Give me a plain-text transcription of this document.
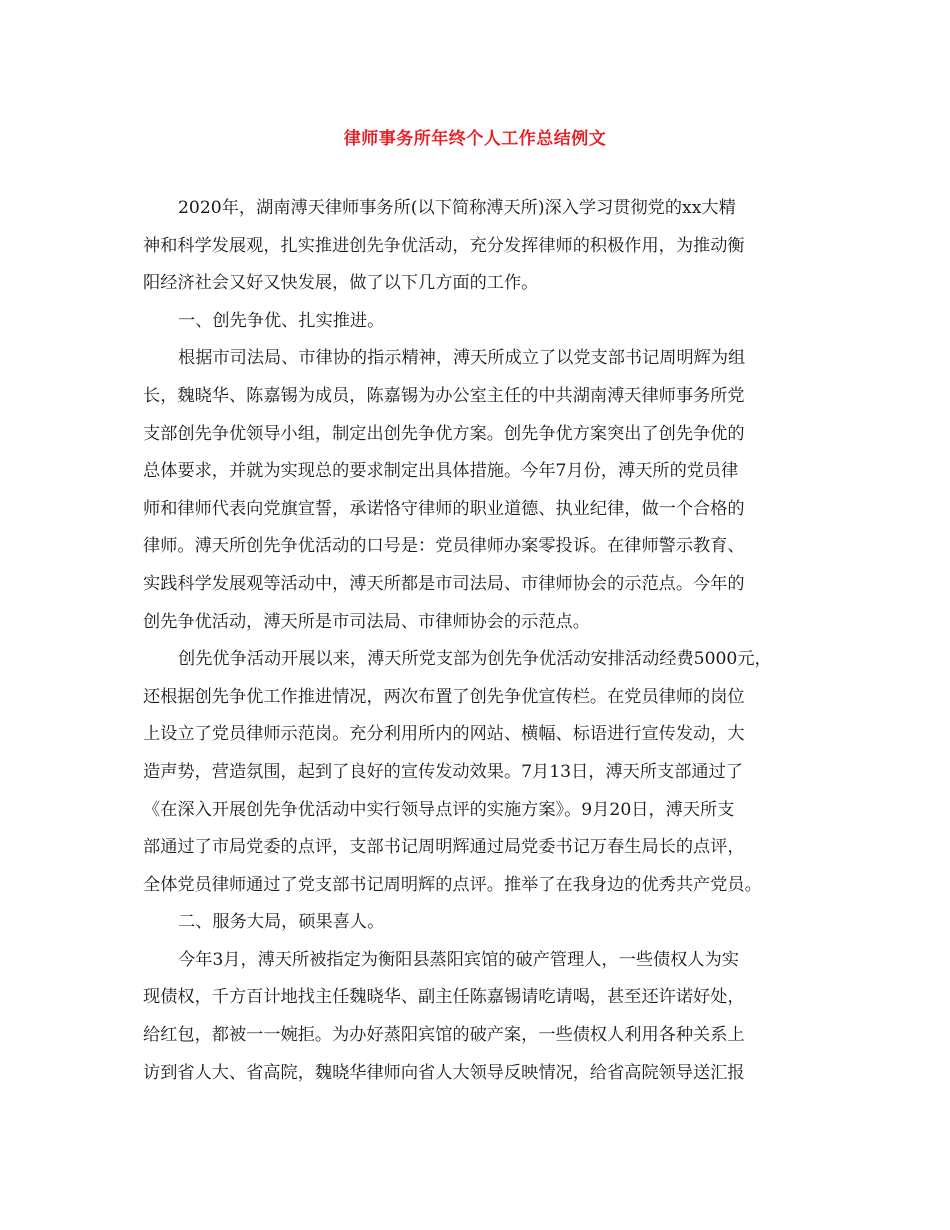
律师事务所年终个人工作总结例文
2020年，湖南溥天律师事务所(以下简称溥天所)深入学习贯彻党的xx大精
神和科学发展观，扎实推进创先争优活动，充分发挥律师的积极作用，为推动衡
阳经济社会又好又快发展，做了以下几方面的工作。
一、创先争优、扎实推进。
根据市司法局、市律协的指示精神，溥天所成立了以党支部书记周明辉为组
长，魏晓华、陈嘉锡为成员，陈嘉锡为办公室主任的中共湖南溥天律师事务所党
支部创先争优领导小组，制定出创先争优方案。创先争优方案突出了创先争优的
总体要求，并就为实现总的要求制定出具体措施。今年7月份，溥天所的党员律
师和律师代表向党旗宣誓，承诺恪守律师的职业道德、执业纪律，做一个合格的
律师。溥天所创先争优活动的口号是：党员律师办案零投诉。在律师警示教育、
实践科学发展观等活动中，溥天所都是市司法局、市律师协会的示范点。今年的
创先争优活动，溥天所是市司法局、市律师协会的示范点。
创先优争活动开展以来，溥天所党支部为创先争优活动安排活动经费5000元，
还根据创先争优工作推进情况，两次布置了创先争优宣传栏。在党员律师的岗位
上设立了党员律师示范岗。充分利用所内的网站、横幅、标语进行宣传发动，大
造声势，营造氛围，起到了良好的宣传发动效果。7月13日，溥天所支部通过了
《在深入开展创先争优活动中实行领导点评的实施方案》。9月20日，溥天所支
部通过了市局党委的点评，支部书记周明辉通过局党委书记万春生局长的点评，
全体党员律师通过了党支部书记周明辉的点评。推举了在我身边的优秀共产党员。
二、服务大局，硕果喜人。
今年3月，溥天所被指定为衡阳县蒸阳宾馆的破产管理人，一些债权人为实
现债权，千方百计地找主任魏晓华、副主任陈嘉锡请吃请喝，甚至还许诺好处，
给红包，都被一一婉拒。为办好蒸阳宾馆的破产案，一些债权人利用各种关系上
访到省人大、省高院，魏晓华律师向省人大领导反映情况，给省高院领导送汇报
